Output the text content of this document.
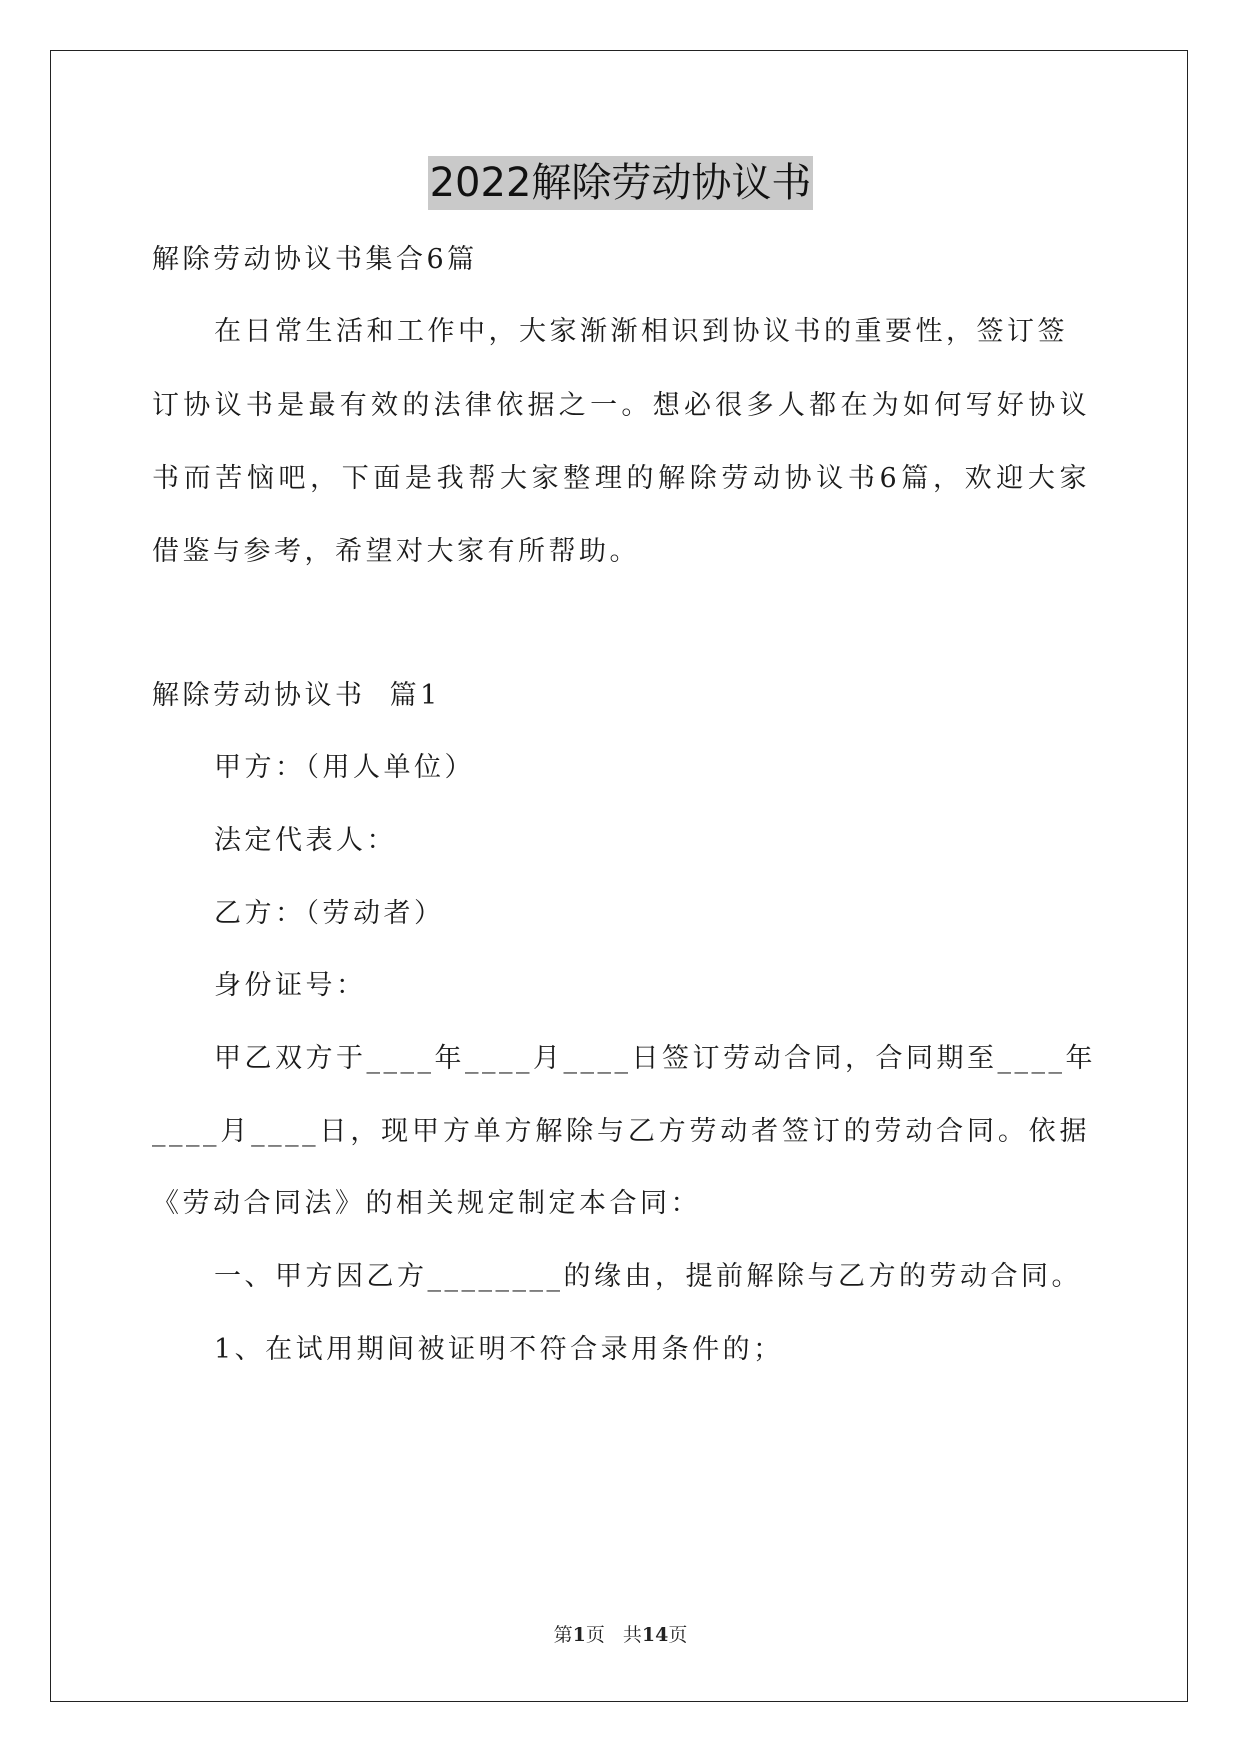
2022解除劳动协议书
解除劳动协议书集合6篇
在日常生活和工作中，大家渐渐相识到协议书的重要性，签订签
订协议书是最有效的法律依据之一。想必很多人都在为如何写好协议
书而苦恼吧，下面是我帮大家整理的解除劳动协议书6篇，欢迎大家
借鉴与参考，希望对大家有所帮助。
解除劳动协议书  篇1
甲方：（用人单位）
法定代表人：
乙方：（劳动者）
身份证号：
甲乙双方于____年____月____日签订劳动合同，合同期至____年
____月____日，现甲方单方解除与乙方劳动者签订的劳动合同。依据
《劳动合同法》的相关规定制定本合同：
一、甲方因乙方________的缘由，提前解除与乙方的劳动合同。
1、在试用期间被证明不符合录用条件的；
第1页 共14页
